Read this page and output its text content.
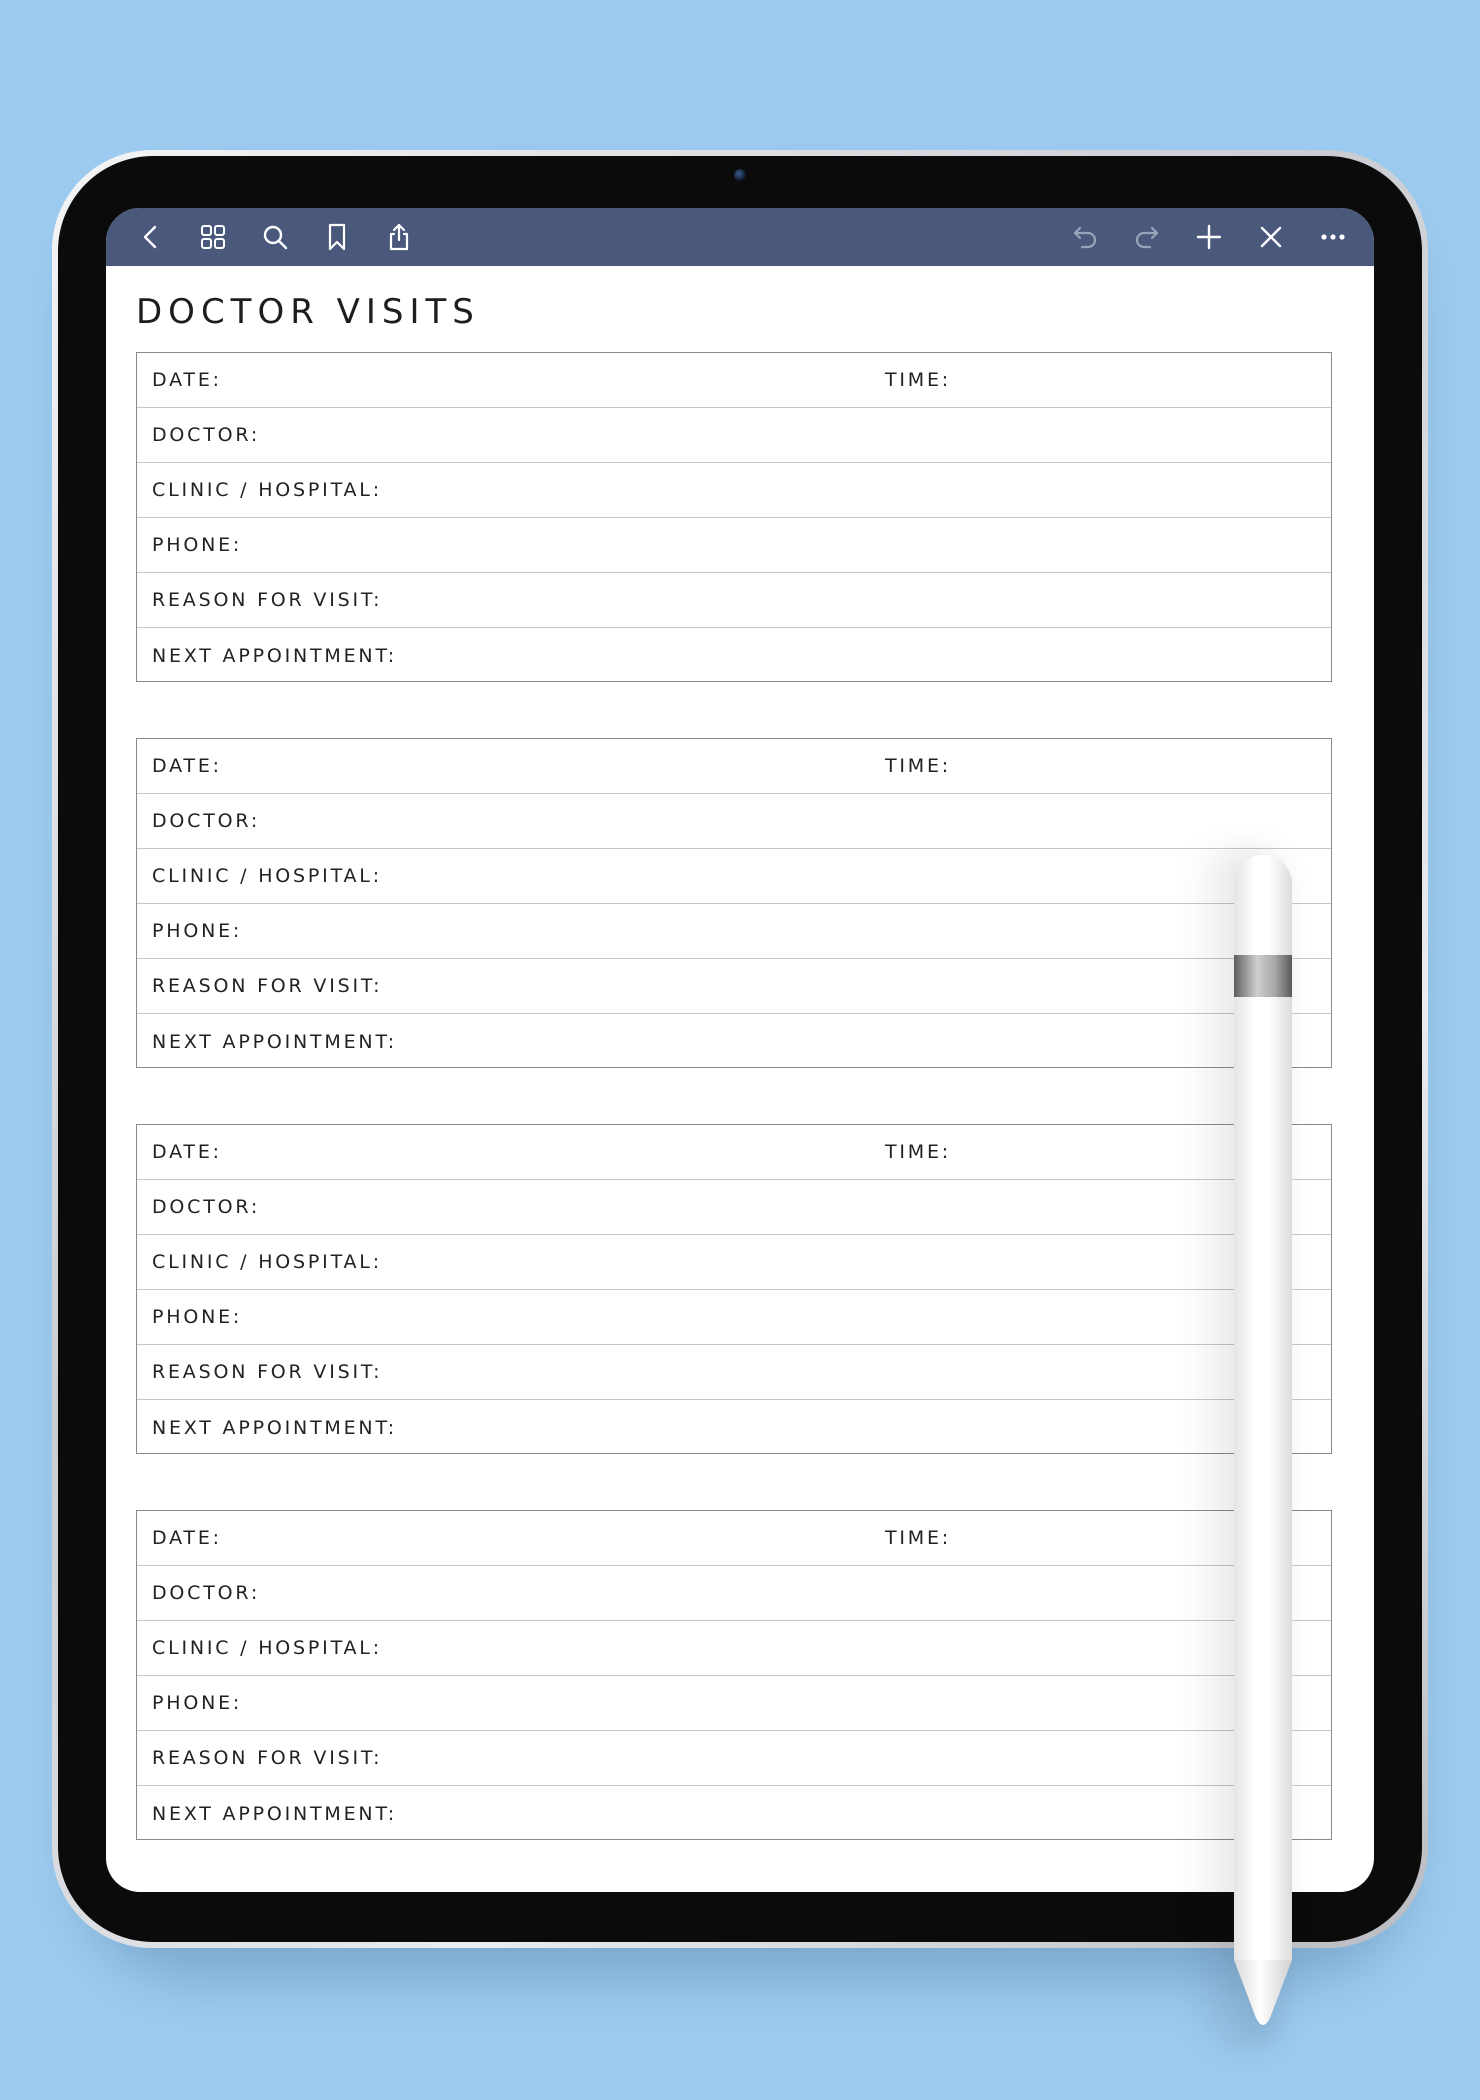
DOCTOR VISITS
DATE:	TIME:
DOCTOR:
CLINIC / HOSPITAL:
PHONE:
REASON FOR VISIT:
NEXT APPOINTMENT:
DATE:	TIME:
DOCTOR:
CLINIC / HOSPITAL:
PHONE:
REASON FOR VISIT:
NEXT APPOINTMENT:
DATE:	TIME:
DOCTOR:
CLINIC / HOSPITAL:
PHONE:
REASON FOR VISIT:
NEXT APPOINTMENT:
DATE:	TIME:
DOCTOR:
CLINIC / HOSPITAL:
PHONE:
REASON FOR VISIT:
NEXT APPOINTMENT:
